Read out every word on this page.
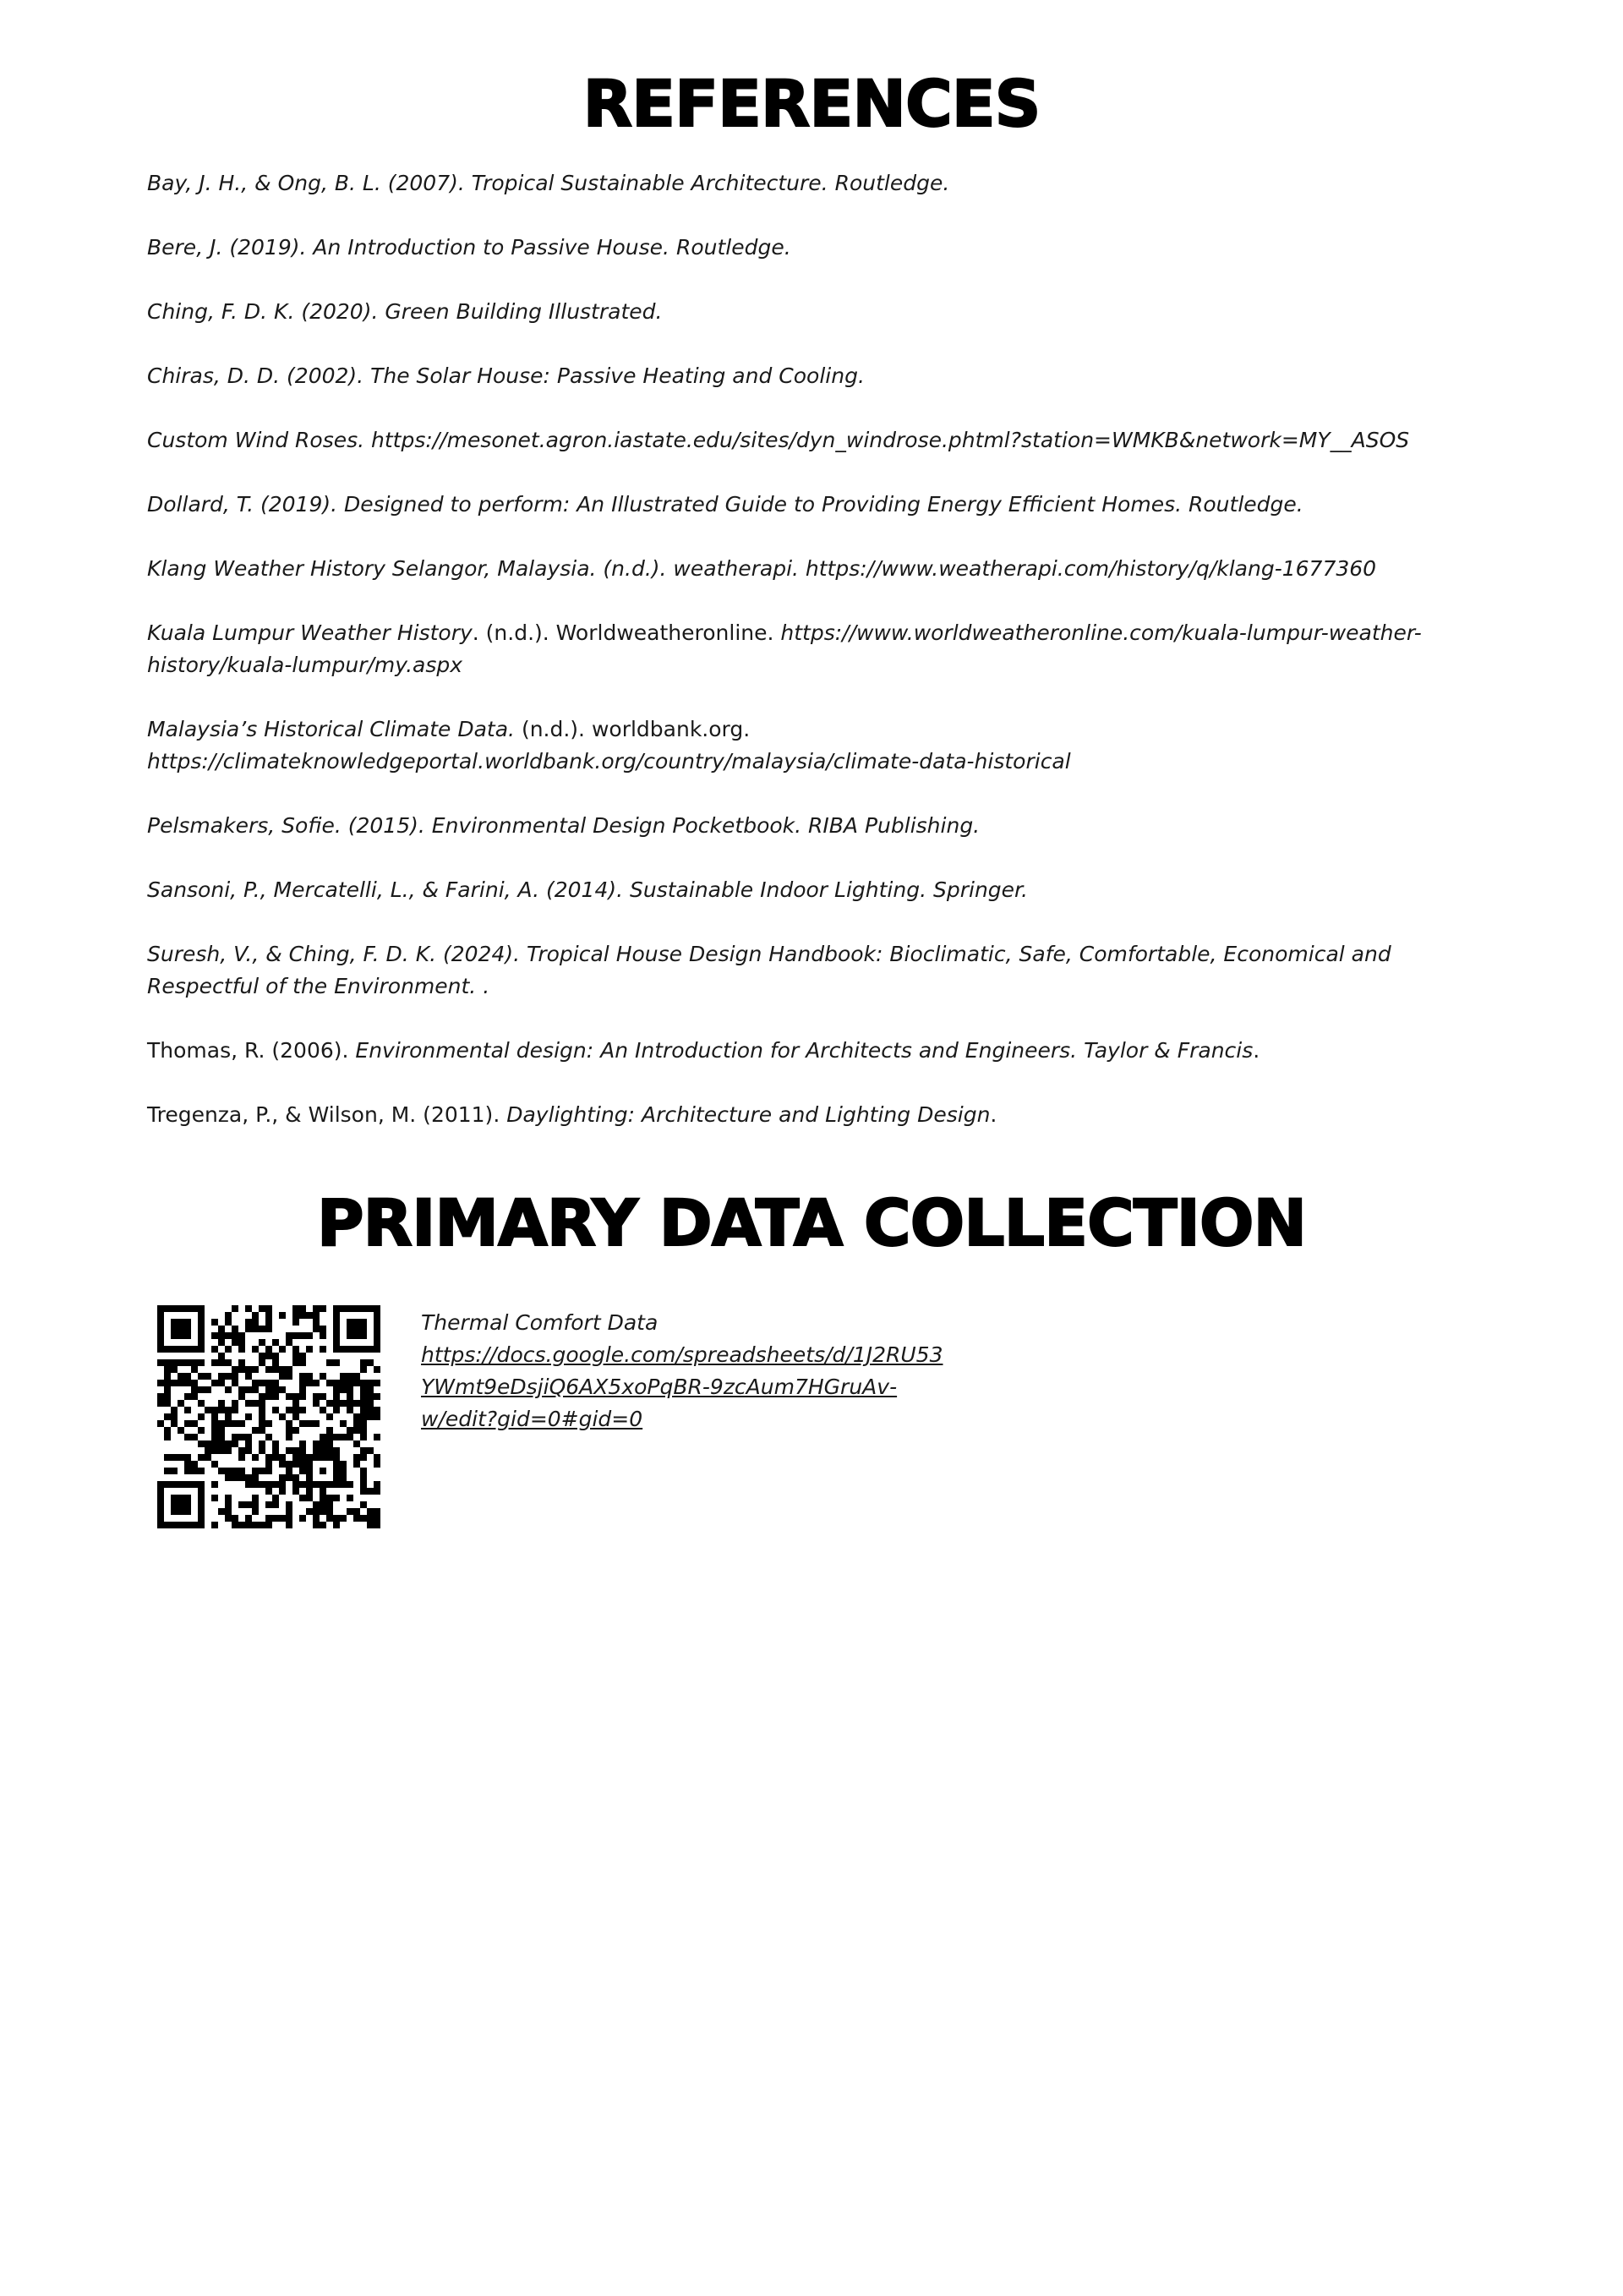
REFERENCES
Bay, J. H., & Ong, B. L. (2007). Tropical Sustainable Architecture. Routledge.
Bere, J. (2019). An Introduction to Passive House. Routledge.
Ching, F. D. K. (2020). Green Building Illustrated.
Chiras, D. D. (2002). The Solar House: Passive Heating and Cooling.
Custom Wind Roses. https://mesonet.agron.iastate.edu/sites/dyn_windrose.phtml?station=WMKB&network=MY__ASOS
Dollard, T. (2019). Designed to perform: An Illustrated Guide to Providing Energy Efficient Homes. Routledge.
Klang Weather History Selangor, Malaysia. (n.d.). weatherapi. https://www.weatherapi.com/history/q/klang-1677360
Kuala Lumpur Weather History. (n.d.). Worldweatheronline. https://www.worldweatheronline.com/kuala-lumpur-weather-history/kuala-lumpur/my.aspx
Malaysia’s Historical Climate Data. (n.d.). worldbank.org. https://climateknowledgeportal.worldbank.org/country/malaysia/climate-data-historical
Pelsmakers, Sofie. (2015). Environmental Design Pocketbook. RIBA Publishing.
Sansoni, P., Mercatelli, L., & Farini, A. (2014). Sustainable Indoor Lighting. Springer.
Suresh, V., & Ching, F. D. K. (2024). Tropical House Design Handbook: Bioclimatic, Safe, Comfortable, Economical and Respectful of the Environment. .
Thomas, R. (2006). Environmental design: An Introduction for Architects and Engineers. Taylor & Francis.
Tregenza, P., & Wilson, M. (2011). Daylighting: Architecture and Lighting Design.
PRIMARY DATA COLLECTION
Thermal Comfort Data
https://docs.google.com/spreadsheets/d/1J2RU53
YWmt9eDsjiQ6AX5xoPqBR-9zcAum7HGruAv-
w/edit?gid=0#gid=0
